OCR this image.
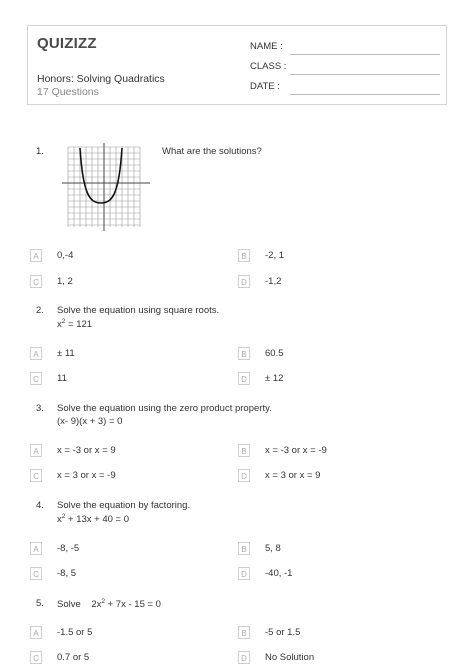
QUIZIZZ
Honors: Solving Quadratics
17 Questions
NAME :
CLASS :
DATE :
1.	What are the solutions?
A	0,-4	B	-2, 1
C	1, 2	D	-1,2
2. Solve the equation using square roots.
$x^2 = 121$
A	± 11	B	60.5
C	11	D	± 12
3. Solve the equation using the zero product property.
(x- 9)(x + 3) = 0
A	x = -3 or x = 9	B	x = -3 or x = -9
C	x = 3 or x = -9	D	x = 3 or x = 9
4. Solve the equation by factoring.
$x^2 + 13x + 40 = 0$
A	-8, -5	B	5, 8
C	-8, 5	D	-40, -1
5. Solve    $2x^2 + 7x - 15 = 0$
A	-1.5 or 5	B	-5 or 1.5
C	0.7 or 5	D	No Solution
